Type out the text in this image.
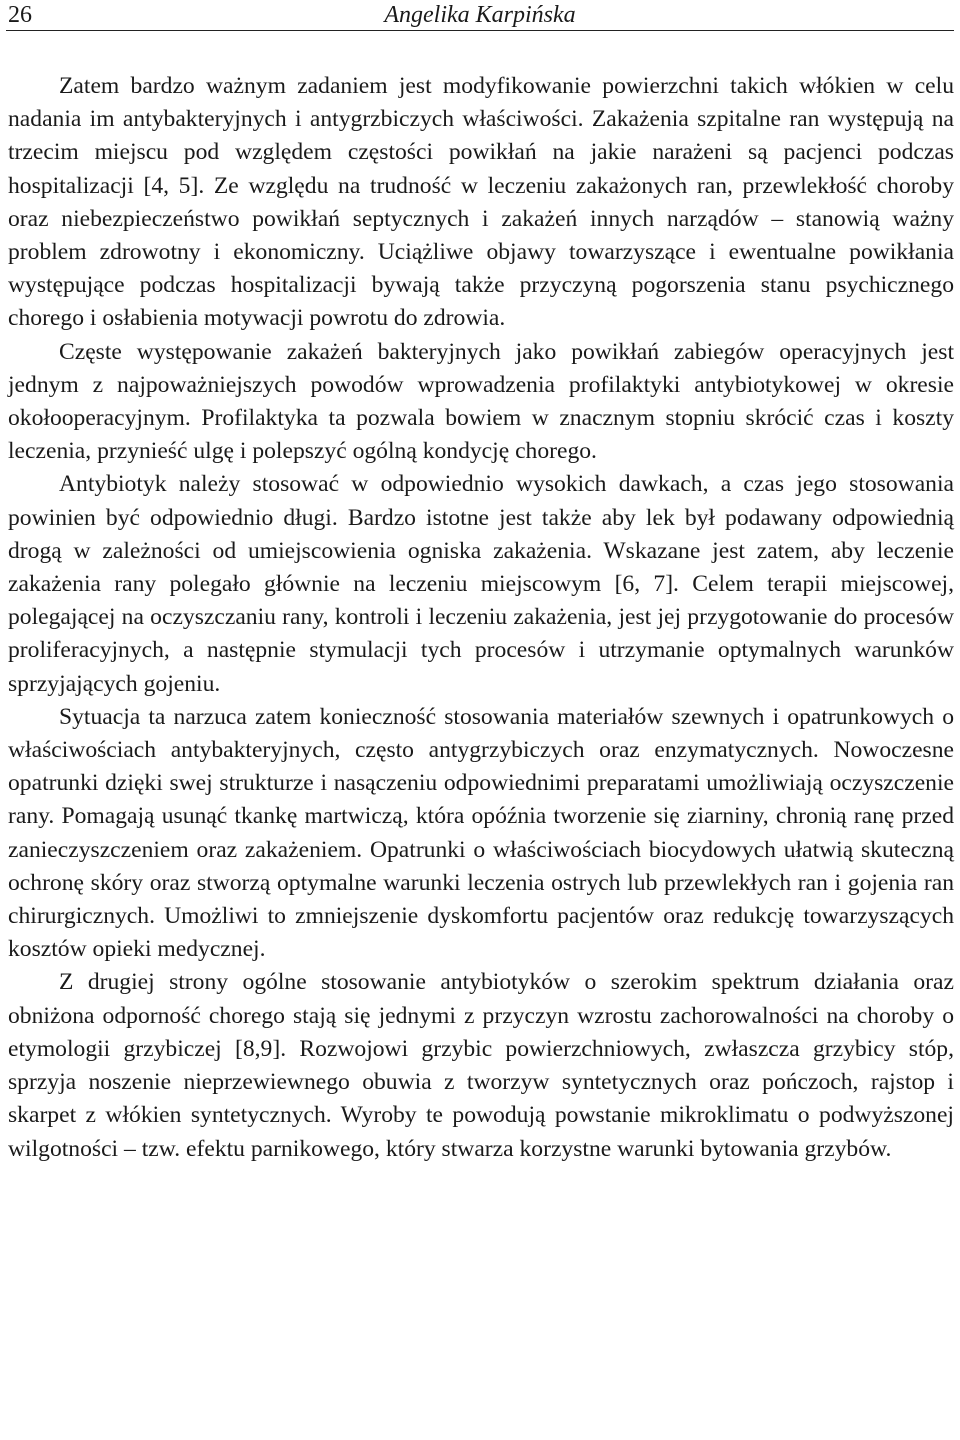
26	Angelika Karpińska

Zatem bardzo ważnym zadaniem jest modyfikowanie powierzchni takich włókien w celu nadania im antybakteryjnych i antygrzbiczych właściwości. Zakażenia szpitalne ran występują na trzecim miejscu pod względem częstości powikłań na jakie narażeni są pacjenci podczas hospitalizacji [4, 5]. Ze względu na trudność w leczeniu zakażonych ran, przewlekłość choroby oraz niebezpieczeństwo powikłań septycznych i zakażeń innych narządów – stanowią ważny problem zdrowotny i ekonomiczny. Uciążliwe objawy towarzyszące i ewentualne powikłania występujące podczas hospitalizacji bywają także przyczyną pogorszenia stanu psychicznego chorego i osłabienia motywacji powrotu do zdrowia.

Częste występowanie zakażeń bakteryjnych jako powikłań zabiegów operacyjnych jest jednym z najpoważniejszych powodów wprowadzenia profilaktyki antybiotykowej w okresie okołooperacyjnym. Profilaktyka ta pozwala bowiem w znacznym stopniu skrócić czas i koszty leczenia, przynieść ulgę i polepszyć ogólną kondycję chorego.

Antybiotyk należy stosować w odpowiednio wysokich dawkach, a czas jego stosowania powinien być odpowiednio długi. Bardzo istotne jest także aby lek był podawany odpowiednią drogą w zależności od umiejscowienia ogniska zakażenia. Wskazane jest zatem, aby leczenie zakażenia rany polegało głównie na leczeniu miejscowym [6, 7]. Celem terapii miejscowej, polegającej na oczyszczaniu rany, kontroli i leczeniu zakażenia, jest jej przygotowanie do procesów proliferacyjnych, a następnie stymulacji tych procesów i utrzymanie optymalnych warunków sprzyjających gojeniu.

Sytuacja ta narzuca zatem konieczność stosowania materiałów szewnych i opatrunkowych o właściwościach antybakteryjnych, często antygrzybiczych oraz enzymatycznych. Nowoczesne opatrunki dzięki swej strukturze i nasączeniu odpowiednimi preparatami umożliwiają oczyszczenie rany. Pomagają usunąć tkankę martwiczą, która opóźnia tworzenie się ziarniny, chronią ranę przed zanieczyszczeniem oraz zakażeniem. Opatrunki o właściwościach biocydowych ułatwią skuteczną ochronę skóry oraz stworzą optymalne warunki leczenia ostrych lub przewlekłych ran i gojenia ran chirurgicznych. Umożliwi to zmniejszenie dyskomfortu pacjentów oraz redukcję towarzyszących kosztów opieki medycznej.

Z drugiej strony ogólne stosowanie antybiotyków o szerokim spektrum działania oraz obniżona odporność chorego stają się jednymi z przyczyn wzrostu zachorowalności na choroby o etymologii grzybiczej [8,9]. Rozwojowi grzybic powierzchniowych, zwłaszcza grzybicy stóp, sprzyja noszenie nieprzewiewnego obuwia z tworzyw syntetycznych oraz pończoch, rajstop i skarpet z włókien syntetycznych. Wyroby te powodują powstanie mikroklimatu o podwyższonej wilgotności – tzw. efektu parnikowego, który stwarza korzystne warunki bytowania grzybów.
